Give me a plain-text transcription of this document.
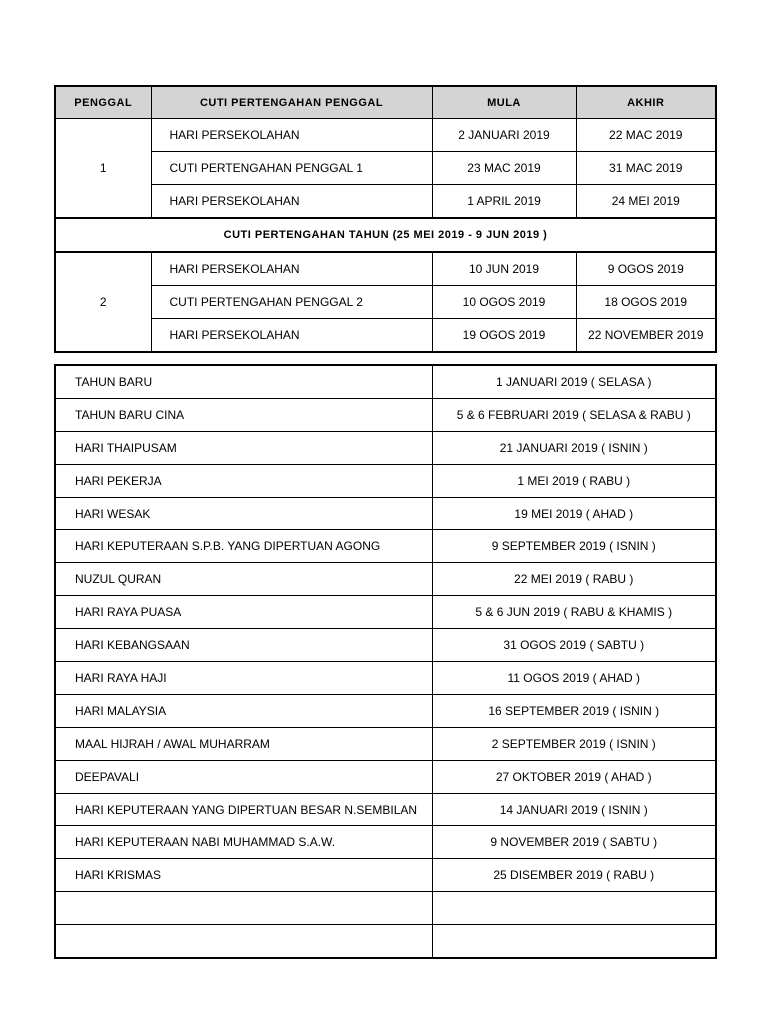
PENGGAL	CUTI PERTENGAHAN PENGGAL	MULA	AKHIR
1	HARI PERSEKOLAHAN	2 JANUARI 2019	22 MAC 2019
	CUTI PERTENGAHAN PENGGAL 1	23 MAC 2019	31 MAC 2019
	HARI PERSEKOLAHAN	1 APRIL 2019	24 MEI 2019
CUTI PERTENGAHAN TAHUN (25 MEI 2019 - 9 JUN 2019 )			
2	HARI PERSEKOLAHAN	10 JUN 2019	9 OGOS 2019
	CUTI PERTENGAHAN PENGGAL 2	10 OGOS 2019	18 OGOS 2019
	HARI PERSEKOLAHAN	19 OGOS 2019	22 NOVEMBER 2019
TAHUN BARU	1 JANUARI 2019 ( SELASA )
TAHUN BARU CINA	5 & 6 FEBRUARI 2019 ( SELASA & RABU )
HARI THAIPUSAM	21 JANUARI 2019 ( ISNIN )
HARI PEKERJA	1 MEI 2019 ( RABU )
HARI WESAK	19 MEI 2019 ( AHAD )
HARI KEPUTERAAN S.P.B. YANG DIPERTUAN AGONG	9 SEPTEMBER 2019 ( ISNIN )
NUZUL QURAN	22 MEI 2019 ( RABU )
HARI RAYA PUASA	5 & 6 JUN 2019 ( RABU & KHAMIS )
HARI KEBANGSAAN	31 OGOS 2019 ( SABTU )
HARI RAYA HAJI	11 OGOS 2019 ( AHAD )
HARI MALAYSIA	16 SEPTEMBER 2019 ( ISNIN )
MAAL HIJRAH / AWAL MUHARRAM	2 SEPTEMBER 2019 ( ISNIN )
DEEPAVALI	27 OKTOBER 2019 ( AHAD )
HARI KEPUTERAAN YANG DIPERTUAN BESAR N.SEMBILAN	14 JANUARI 2019 ( ISNIN )
HARI KEPUTERAAN NABI MUHAMMAD S.A.W.	9 NOVEMBER 2019 ( SABTU )
HARI KRISMAS	25 DISEMBER 2019 ( RABU )
